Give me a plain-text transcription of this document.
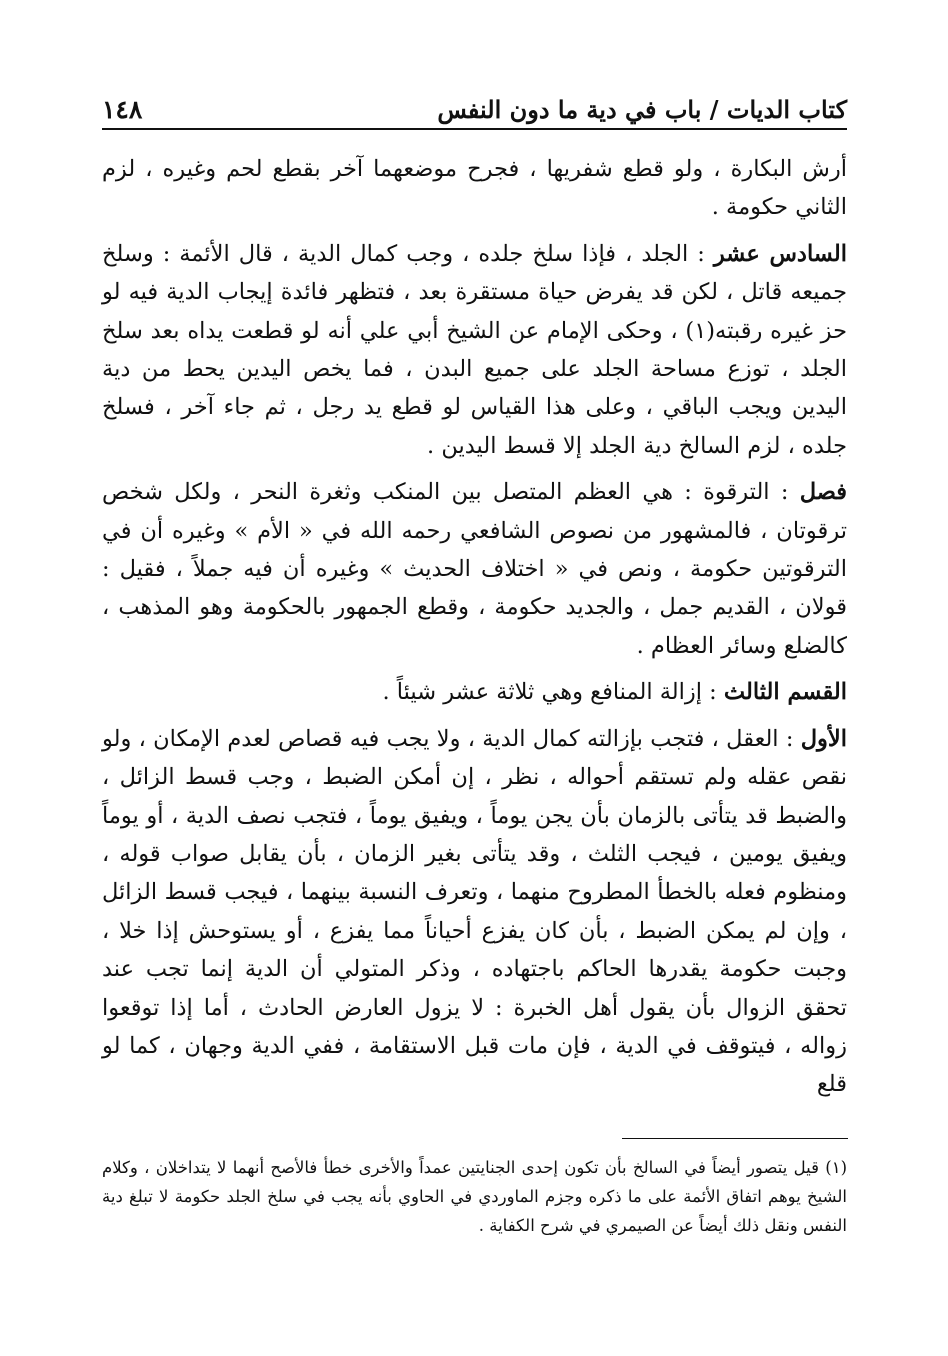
كتاب الديات / باب في دية ما دون النفس
١٤٨

أرش البكارة ، ولو قطع شفريها ، فجرح موضعهما آخر بقطع لحم وغيره ، لزم الثاني حكومة .

السادس عشر : الجلد ، فإذا سلخ جلده ، وجب كمال الدية ، قال الأئمة : وسلخ جميعه قاتل ، لكن قد يفرض حياة مستقرة بعد ، فتظهر فائدة إيجاب الدية فيه لو حز غيره رقبته(١) ، وحكى الإمام عن الشيخ أبي علي أنه لو قطعت يداه بعد سلخ الجلد ، توزع مساحة الجلد على جميع البدن ، فما يخص اليدين يحط من دية اليدين ويجب الباقي ، وعلى هذا القياس لو قطع يد رجل ، ثم جاء آخر ، فسلخ جلده ، لزم السالخ دية الجلد إلا قسط اليدين .

فصل : الترقوة : هي العظم المتصل بين المنكب وثغرة النحر ، ولكل شخص ترقوتان ، فالمشهور من نصوص الشافعي رحمه الله في « الأم » وغيره أن في الترقوتين حكومة ، ونص في « اختلاف الحديث » وغيره أن فيه جملاً ، فقيل : قولان ، القديم جمل ، والجديد حكومة ، وقطع الجمهور بالحكومة وهو المذهب ، كالضلع وسائر العظام .

القسم الثالث : إزالة المنافع وهي ثلاثة عشر شيئاً .

الأول : العقل ، فتجب بإزالته كمال الدية ، ولا يجب فيه قصاص لعدم الإمكان ، ولو نقص عقله ولم تستقم أحواله ، نظر ، إن أمكن الضبط ، وجب قسط الزائل ، والضبط قد يتأتى بالزمان بأن يجن يوماً ، ويفيق يوماً ، فتجب نصف الدية ، أو يوماً ويفيق يومين ، فيجب الثلث ، وقد يتأتى بغير الزمان ، بأن يقابل صواب قوله ، ومنظوم فعله بالخطأ المطروح منهما ، وتعرف النسبة بينهما ، فيجب قسط الزائل ، وإن لم يمكن الضبط ، بأن كان يفزع أحياناً مما يفزع ، أو يستوحش إذا خلا ، وجبت حكومة يقدرها الحاكم باجتهاده ، وذكر المتولي أن الدية إنما تجب عند تحقق الزوال بأن يقول أهل الخبرة : لا يزول العارض الحادث ، أما إذا توقعوا زواله ، فيتوقف في الدية ، فإن مات قبل الاستقامة ، ففي الدية وجهان ، كما لو قلع

(١) قيل يتصور أيضاً في السالخ بأن تكون إحدى الجنايتين عمداً والأخرى خطأ فالأصح أنهما لا يتداخلان ، وكلام الشيخ يوهم اتفاق الأئمة على ما ذكره وجزم الماوردي في الحاوي بأنه يجب في سلخ الجلد حكومة لا تبلغ دية النفس ونقل ذلك أيضاً عن الصيمري في شرح الكفاية .
